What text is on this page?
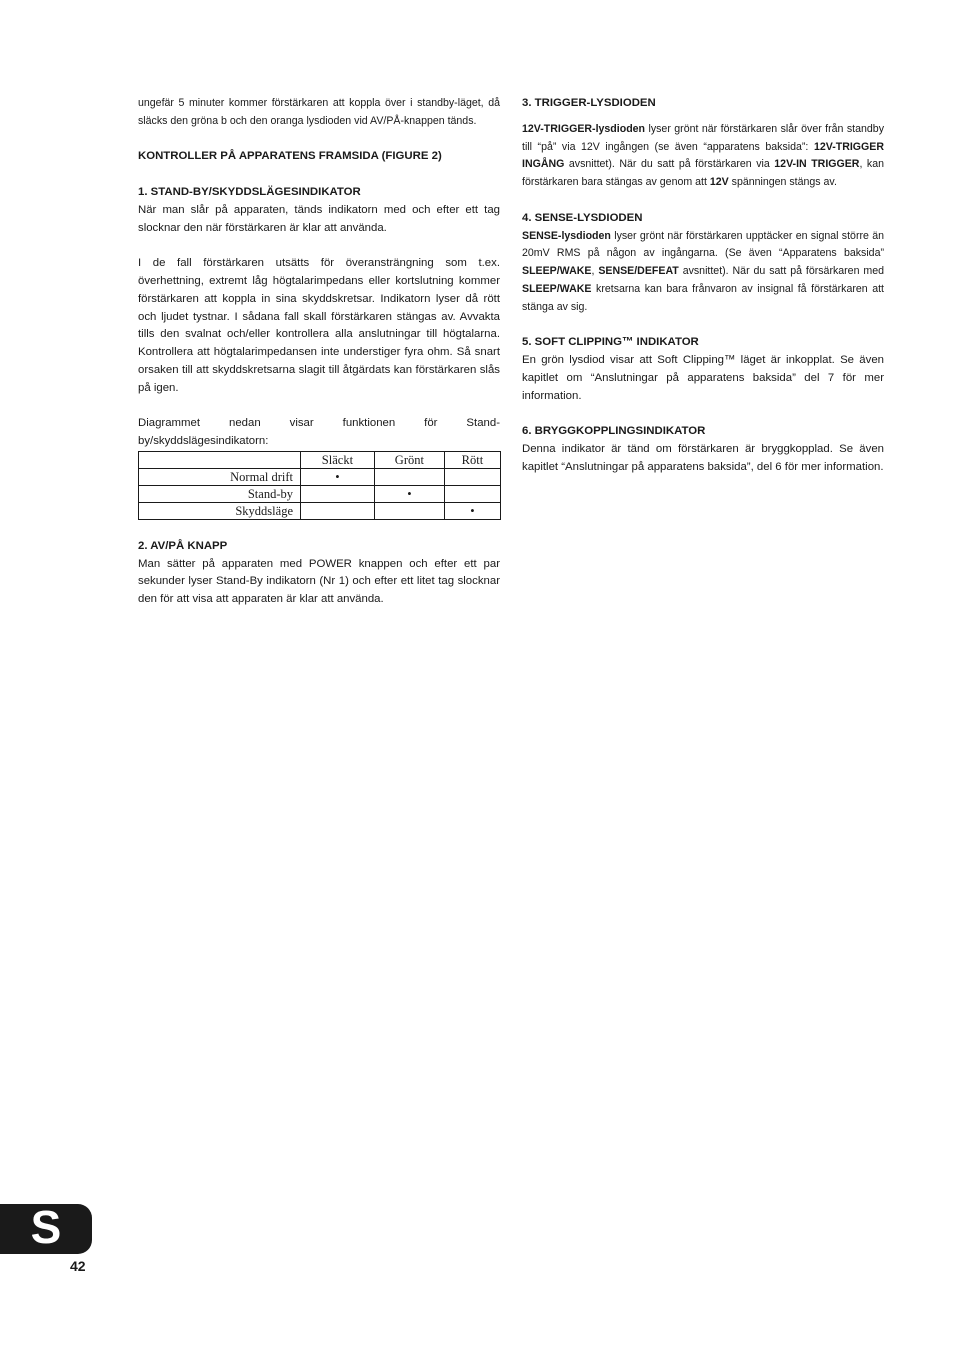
ungefär 5 minuter kommer förstärkaren att koppla över i standby-läget, då släcks den gröna b och den oranga lysdioden vid AV/PÅ-knappen tänds.

KONTROLLER PÅ APPARATENS FRAMSIDA (FIGURE 2)
1. STAND-BY/SKYDDSLÄGESINDIKATOR

När man slår på apparaten, tänds indikatorn med och efter ett tag slocknar den när förstärkaren är klar att använda.

I de fall förstärkaren utsätts för överansträngning som t.ex. överhettning, extremt låg högtalarimpedans eller kortslutning kommer förstärkaren att koppla in sina skyddskretsar. Indikatorn lyser då rött och ljudet tystnar. I sådana fall skall förstärkaren stängas av. Avvakta tills den svalnat och/eller kontrollera alla anslutningar till högtalarna. Kontrollera att högtalarimpedansen inte understiger fyra ohm. Så snart orsaken till att skyddskretsarna slagit till åtgärdats kan förstärkaren slås på igen.

Diagrammet nedan visar funktionen för Stand-by/skyddslägesindikatorn:

	Släckt	Grönt	Rött
Normal drift	•		
Stand-by		•	
Skyddsläge			•
2. AV/PÅ KNAPP

Man sätter på apparaten med POWER knappen och efter ett par sekunder lyser Stand-By indikatorn (Nr 1) och efter ett litet tag slocknar den för att visa att apparaten är klar att använda.

3. TRIGGER-LYSDIODEN

12V-TRIGGER-lysdioden lyser grönt när förstärkaren slår över från standby till “på” via 12V ingången (se även “apparatens baksida”: 12V-TRIGGER INGÅNG avsnittet). När du satt på förstärkaren via 12V-IN TRIGGER, kan förstärkaren bara stängas av genom att 12V spänningen stängs av.

4. SENSE-LYSDIODEN

SENSE-lysdioden lyser grönt när förstärkaren upptäcker en signal större än 20mV RMS på någon av ingångarna. (Se även “Apparatens baksida” SLEEP/WAKE, SENSE/DEFEAT avsnittet). När du satt på försärkaren med SLEEP/WAKE kretsarna kan bara frånvaron av insignal få förstärkaren att stänga av sig.

5. SOFT CLIPPING™ INDIKATOR

En grön lysdiod visar att Soft Clipping™ läget är inkopplat. Se även kapitlet om “Anslutningar på apparatens baksida” del 7 för mer information.

6. BRYGGKOPPLINGSINDIKATOR

Denna indikator är tänd om förstärkaren är bryggkopplad. Se även kapitlet “Anslutningar på apparatens baksida”, del 6 för mer information.

S
42
